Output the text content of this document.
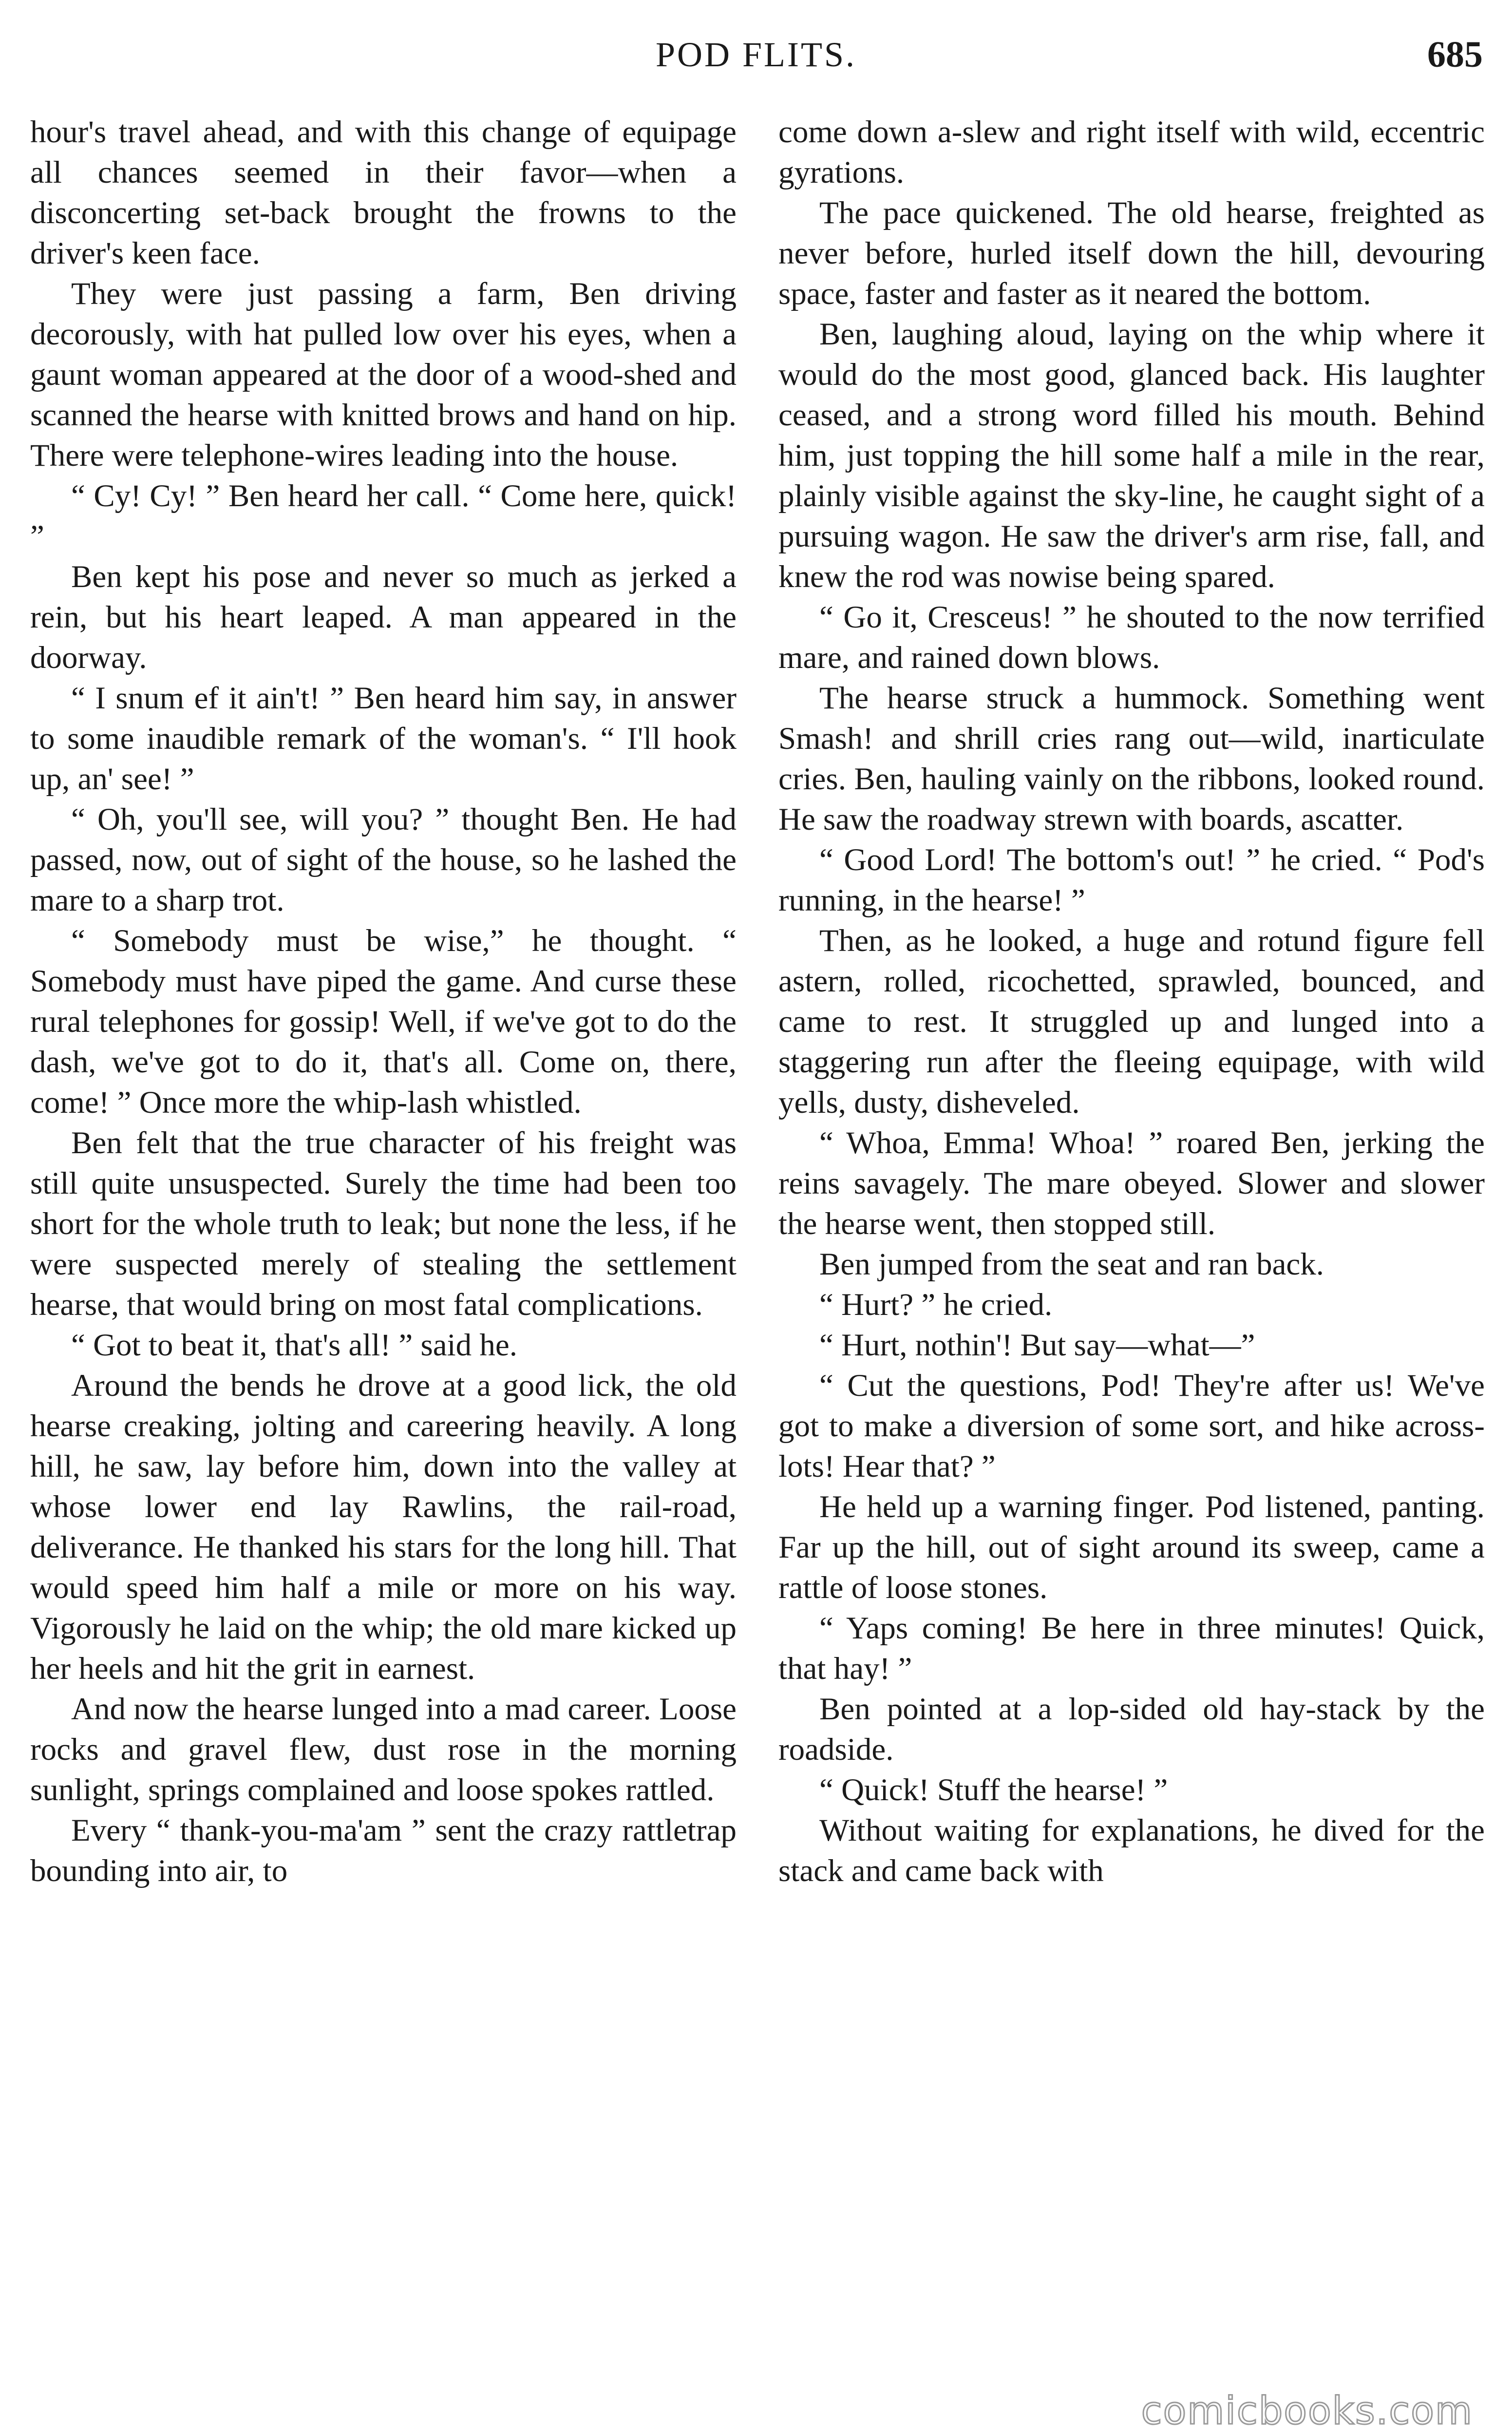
POD FLITS.	685

hour's travel ahead, and with this change of equipage all chances seemed in their favor—when a disconcerting set-back brought the frowns to the driver's keen face.

They were just passing a farm, Ben driving decorously, with hat pulled low over his eyes, when a gaunt woman appeared at the door of a wood-shed and scanned the hearse with knitted brows and hand on hip. There were telephone-wires leading into the house.

“ Cy! Cy! ” Ben heard her call. “ Come here, quick! ”

Ben kept his pose and never so much as jerked a rein, but his heart leaped. A man appeared in the doorway.

“ I snum ef it ain't! ” Ben heard him say, in answer to some inaudible remark of the woman's. “ I'll hook up, an' see! ”

“ Oh, you'll see, will you? ” thought Ben. He had passed, now, out of sight of the house, so he lashed the mare to a sharp trot.

“ Somebody must be wise,” he thought. “ Somebody must have piped the game. And curse these rural telephones for gossip! Well, if we've got to do the dash, we've got to do it, that's all. Come on, there, come! ” Once more the whip-lash whistled.

Ben felt that the true character of his freight was still quite unsuspected. Surely the time had been too short for the whole truth to leak; but none the less, if he were suspected merely of stealing the settlement hearse, that would bring on most fatal complications.

“ Got to beat it, that's all! ” said he.

Around the bends he drove at a good lick, the old hearse creaking, jolting and careering heavily. A long hill, he saw, lay before him, down into the valley at whose lower end lay Rawlins, the rail-road, deliverance. He thanked his stars for the long hill. That would speed him half a mile or more on his way. Vigorously he laid on the whip; the old mare kicked up her heels and hit the grit in earnest.

And now the hearse lunged into a mad career. Loose rocks and gravel flew, dust rose in the morning sunlight, springs complained and loose spokes rattled.

Every “ thank-you-ma'am ” sent the crazy rattletrap bounding into air, to

come down a-slew and right itself with wild, eccentric gyrations.

The pace quickened. The old hearse, freighted as never before, hurled itself down the hill, devouring space, faster and faster as it neared the bottom.

Ben, laughing aloud, laying on the whip where it would do the most good, glanced back. His laughter ceased, and a strong word filled his mouth. Behind him, just topping the hill some half a mile in the rear, plainly visible against the sky-line, he caught sight of a pursuing wagon. He saw the driver's arm rise, fall, and knew the rod was nowise being spared.

“ Go it, Cresceus! ” he shouted to the now terrified mare, and rained down blows.

The hearse struck a hummock. Something went Smash! and shrill cries rang out—wild, inarticulate cries. Ben, hauling vainly on the ribbons, looked round. He saw the roadway strewn with boards, ascatter.

“ Good Lord! The bottom's out! ” he cried. “ Pod's running, in the hearse! ”

Then, as he looked, a huge and rotund figure fell astern, rolled, ricochetted, sprawled, bounced, and came to rest. It struggled up and lunged into a staggering run after the fleeing equipage, with wild yells, dusty, disheveled.

“ Whoa, Emma! Whoa! ” roared Ben, jerking the reins savagely. The mare obeyed. Slower and slower the hearse went, then stopped still.

Ben jumped from the seat and ran back.

“ Hurt? ” he cried.

“ Hurt, nothin'! But say—what—”

“ Cut the questions, Pod! They're after us! We've got to make a diversion of some sort, and hike across-lots! Hear that? ”

He held up a warning finger. Pod listened, panting. Far up the hill, out of sight around its sweep, came a rattle of loose stones.

“ Yaps coming! Be here in three minutes! Quick, that hay! ”

Ben pointed at a lop-sided old hay-stack by the roadside.

“ Quick! Stuff the hearse! ”

Without waiting for explanations, he dived for the stack and came back with

comicbooks.com
